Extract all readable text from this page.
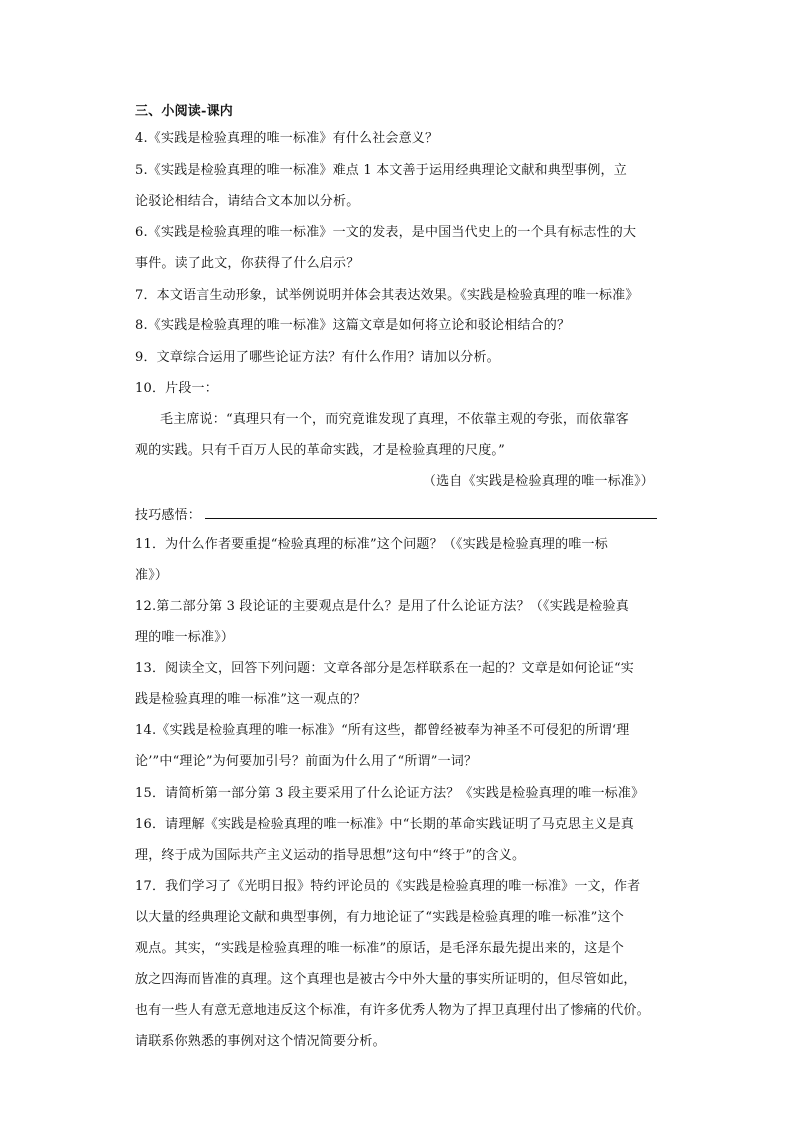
三、小阅读-课内
4.《实践是检验真理的唯一标准》有什么社会意义？
5.《实践是检验真理的唯一标准》难点 1 本文善于运用经典理论文献和典型事例，立
论驳论相结合，请结合文本加以分析。
6.《实践是检验真理的唯一标准》一文的发表，是中国当代史上的一个具有标志性的大
事件。读了此文，你获得了什么启示？
7．本文语言生动形象，试举例说明并体会其表达效果。《实践是检验真理的唯一标准》
8.《实践是检验真理的唯一标准》这篇文章是如何将立论和驳论相结合的？
9．文章综合运用了哪些论证方法？有什么作用？请加以分析。
10．片段一：
毛主席说：“真理只有一个，而究竟谁发现了真理，不依靠主观的夸张，而依靠客
观的实践。只有千百万人民的革命实践，才是检验真理的尺度。”
（选自《实践是检验真理的唯一标准》）
技巧感悟：
11．为什么作者要重提“检验真理的标准”这个问题？（《实践是检验真理的唯一标
准》）
12.第二部分第 3 段论证的主要观点是什么？是用了什么论证方法？（《实践是检验真
理的唯一标准》）
13．阅读全文，回答下列问题：文章各部分是怎样联系在一起的？文章是如何论证“实
践是检验真理的唯一标准”这一观点的？
14.《实践是检验真理的唯一标准》“所有这些，都曾经被奉为神圣不可侵犯的所谓‘理
论’”中“理论”为何要加引号？前面为什么用了“所谓”一词？
15．请简析第一部分第 3 段主要采用了什么论证方法？《实践是检验真理的唯一标准》
16．请理解《实践是检验真理的唯一标准》中“长期的革命实践证明了马克思主义是真
理，终于成为国际共产主义运动的指导思想”这句中“终于”的含义。
17．我们学习了《光明日报》特约评论员的《实践是检验真理的唯一标准》一文，作者
以大量的经典理论文献和典型事例，有力地论证了“实践是检验真理的唯一标准”这个
观点。其实，“实践是检验真理的唯一标准”的原话，是毛泽东最先提出来的，这是个
放之四海而皆准的真理。这个真理也是被古今中外大量的事实所证明的，但尽管如此，
也有一些人有意无意地违反这个标准，有许多优秀人物为了捍卫真理付出了惨痛的代价。
请联系你熟悉的事例对这个情况简要分析。
